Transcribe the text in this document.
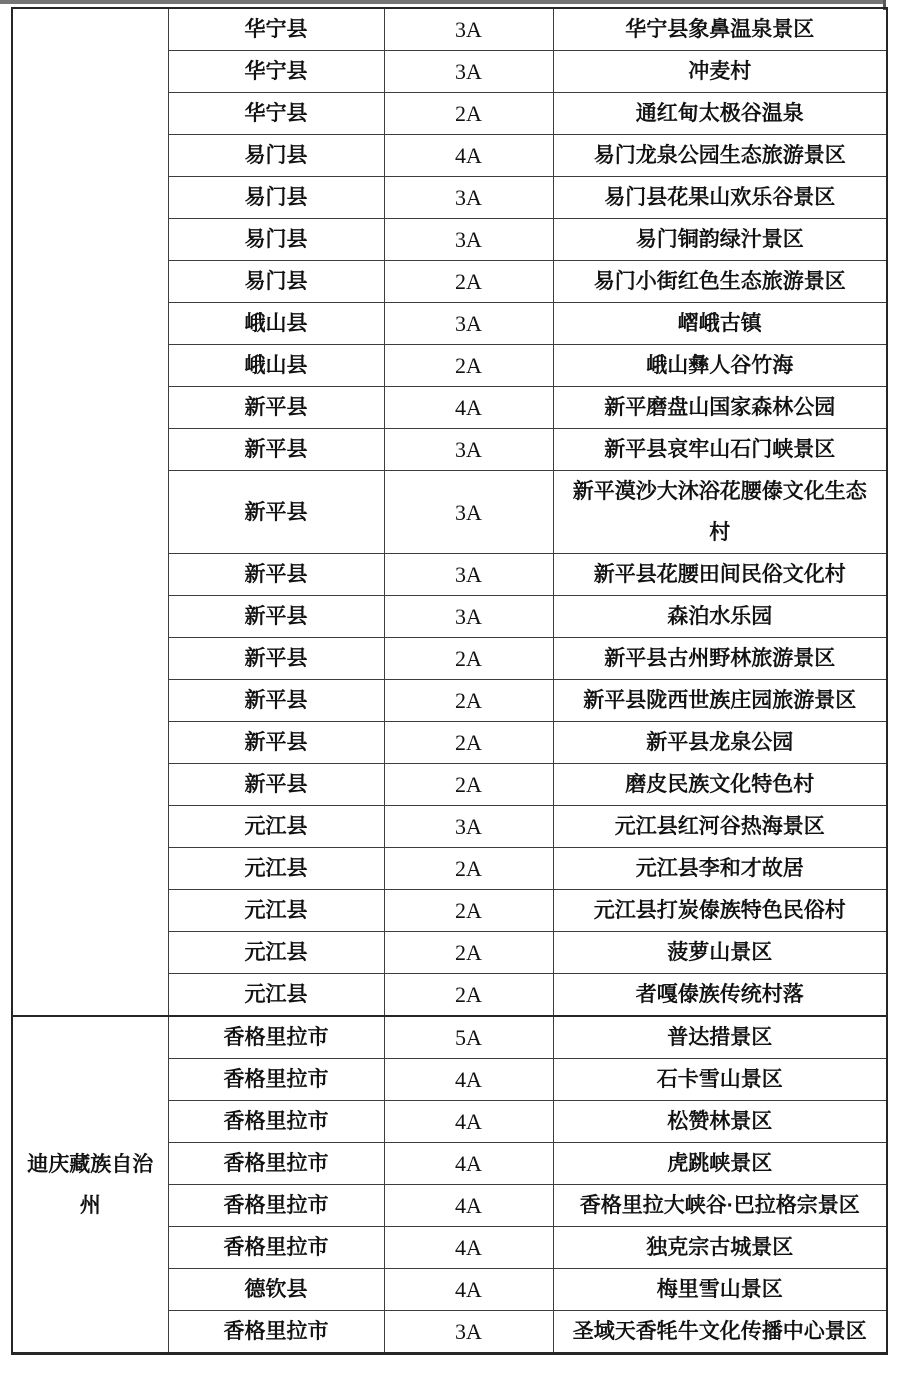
	华宁县	3A	华宁县象鼻温泉景区
	华宁县	3A	冲麦村
	华宁县	2A	通红甸太极谷温泉
	易门县	4A	易门龙泉公园生态旅游景区
	易门县	3A	易门县花果山欢乐谷景区
	易门县	3A	易门铜韵绿汁景区
	易门县	2A	易门小街红色生态旅游景区
	峨山县	3A	嶍峨古镇
	峨山县	2A	峨山彝人谷竹海
	新平县	4A	新平磨盘山国家森林公园
	新平县	3A	新平县哀牢山石门峡景区
	新平县	3A	新平漠沙大沐浴花腰傣文化生态村
	新平县	3A	新平县花腰田间民俗文化村
	新平县	3A	森泊水乐园
	新平县	2A	新平县古州野林旅游景区
	新平县	2A	新平县陇西世族庄园旅游景区
	新平县	2A	新平县龙泉公园
	新平县	2A	磨皮民族文化特色村
	元江县	3A	元江县红河谷热海景区
	元江县	2A	元江县李和才故居
	元江县	2A	元江县打炭傣族特色民俗村
	元江县	2A	菠萝山景区
	元江县	2A	者嘎傣族传统村落
迪庆藏族自治州	香格里拉市	5A	普达措景区
	香格里拉市	4A	石卡雪山景区
	香格里拉市	4A	松赞林景区
	香格里拉市	4A	虎跳峡景区
	香格里拉市	4A	香格里拉大峡谷·巴拉格宗景区
	香格里拉市	4A	独克宗古城景区
	德钦县	4A	梅里雪山景区
	香格里拉市	3A	圣域天香牦牛文化传播中心景区
